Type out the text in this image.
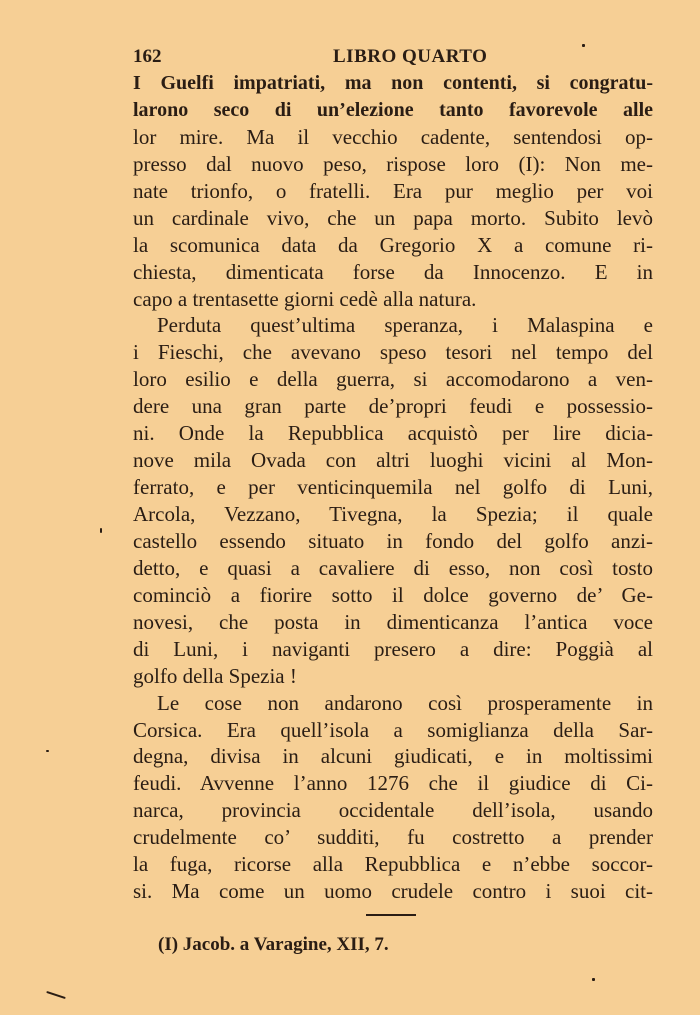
162	LIBRO QUARTO
I Guelfi impatriati, ma non contenti, si congratu-
larono seco di un’elezione tanto favorevole alle
lor mire. Ma il vecchio cadente, sentendosi op-
presso dal nuovo peso, rispose loro (I): Non me-
nate trionfo, o fratelli. Era pur meglio per voi
un cardinale vivo, che un papa morto. Subito levò
la scomunica data da Gregorio X a comune ri-
chiesta, dimenticata forse da Innocenzo. E in
capo a trentasette giorni cedè alla natura.
Perduta quest’ultima speranza, i Malaspina e
i Fieschi, che avevano speso tesori nel tempo del
loro esilio e della guerra, si accomodarono a ven-
dere una gran parte de’propri feudi e possessio-
ni. Onde la Repubblica acquistò per lire dicia-
nove mila Ovada con altri luoghi vicini al Mon-
ferrato, e per venticinquemila nel golfo di Luni,
Arcola, Vezzano, Tivegna, la Spezia; il quale
castello essendo situato in fondo del golfo anzi-
detto, e quasi a cavaliere di esso, non così tosto
cominciò a fiorire sotto il dolce governo de’ Ge-
novesi, che posta in dimenticanza l’antica voce
di Luni, i naviganti presero a dire: Poggià al
golfo della Spezia !
Le cose non andarono così prosperamente in
Corsica. Era quell’isola a somiglianza della Sar-
degna, divisa in alcuni giudicati, e in moltissimi
feudi. Avvenne l’anno 1276 che il giudice di Ci-
narca, provincia occidentale dell’isola, usando
crudelmente co’ sudditi, fu costretto a prender
la fuga, ricorse alla Repubblica e n’ebbe soccor-
si. Ma come un uomo crudele contro i suoi cit-
(I) Jacob. a Varagine, XII, 7.
